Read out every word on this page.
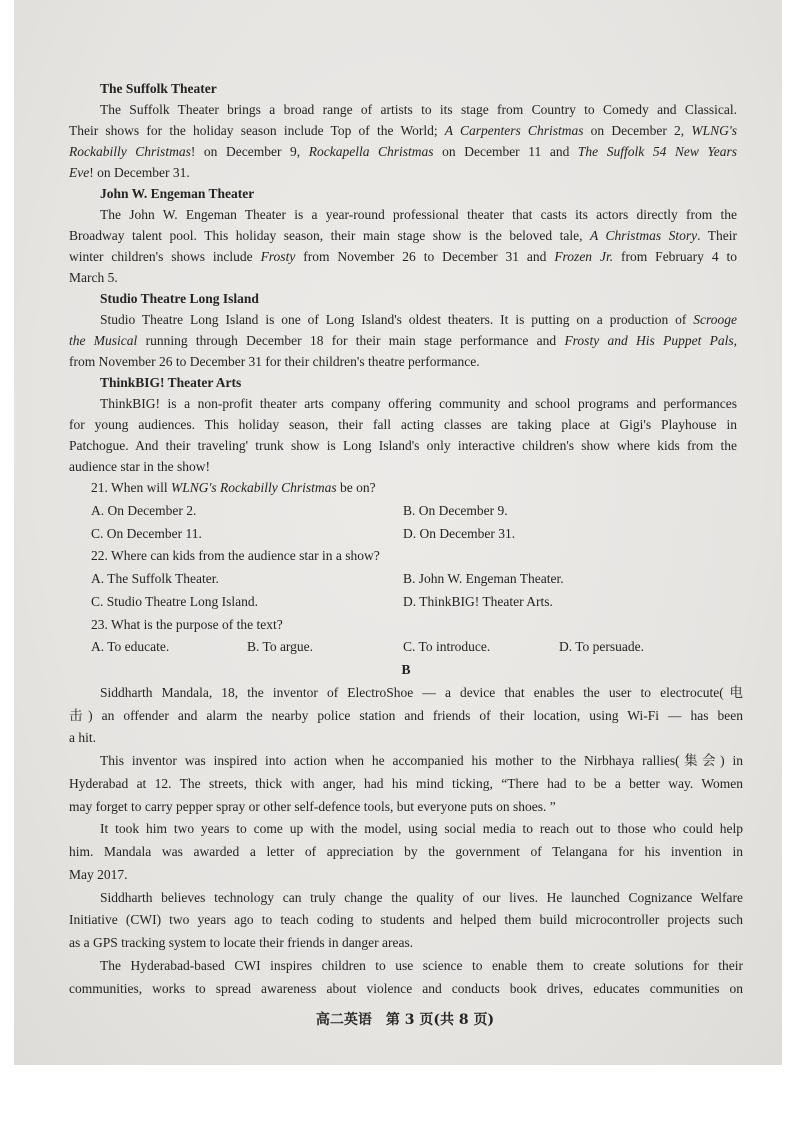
The Suffolk Theater
The Suffolk Theater brings a broad range of artists to its stage from Country to Comedy and Classical.
Their shows for the holiday season include Top of the World; A Carpenters Christmas on December 2, WLNG's
Rockabilly Christmas! on December 9, Rockapella Christmas on December 11 and The Suffolk 54 New Years
Eve! on December 31.
John W. Engeman Theater
The John W. Engeman Theater is a year-round professional theater that casts its actors directly from the
Broadway talent pool. This holiday season, their main stage show is the beloved tale, A Christmas Story. Their
winter children's shows include Frosty from November 26 to December 31 and Frozen Jr. from February 4 to
March 5.
Studio Theatre Long Island
Studio Theatre Long Island is one of Long Island's oldest theaters. It is putting on a production of Scrooge
the Musical running through December 18 for their main stage performance and Frosty and His Puppet Pals,
from November 26 to December 31 for their children's theatre performance.
ThinkBIG! Theater Arts
ThinkBIG! is a non-profit theater arts company offering community and school programs and performances
for young audiences. This holiday season, their fall acting classes are taking place at Gigi's Playhouse in
Patchogue. And their traveling' trunk show is Long Island's only interactive children's show where kids from the
audience star in the show!
21. When will WLNG's Rockabilly Christmas be on?
A. On December 2.	B. On December 9.
C. On December 11.	D. On December 31.
22. Where can kids from the audience star in a show?
A. The Suffolk Theater.	B. John W. Engeman Theater.
C. Studio Theatre Long Island.	D. ThinkBIG! Theater Arts.
23. What is the purpose of the text?
A. To educate.	B. To argue.	C. To introduce.	D. To persuade.
B
Siddharth Mandala, 18, the inventor of ElectroShoe — a device that enables the user to electrocute(电
击) an offender and alarm the nearby police station and friends of their location, using Wi-Fi — has been
a hit.
This inventor was inspired into action when he accompanied his mother to the Nirbhaya rallies(集会) in
Hyderabad at 12. The streets, thick with anger, had his mind ticking, “There had to be a better way. Women
may forget to carry pepper spray or other self-defence tools, but everyone puts on shoes. ”
It took him two years to come up with the model, using social media to reach out to those who could help
him. Mandala was awarded a letter of appreciation by the government of Telangana for his invention in
May 2017.
Siddharth believes technology can truly change the quality of our lives. He launched Cognizance Welfare
Initiative (CWI) two years ago to teach coding to students and helped them build microcontroller projects such
as a GPS tracking system to locate their friends in danger areas.
The Hyderabad-based CWI inspires children to use science to enable them to create solutions for their
communities, works to spread awareness about violence and conducts book drives, educates communities on
高二英语　第 3 页(共 8 页)
